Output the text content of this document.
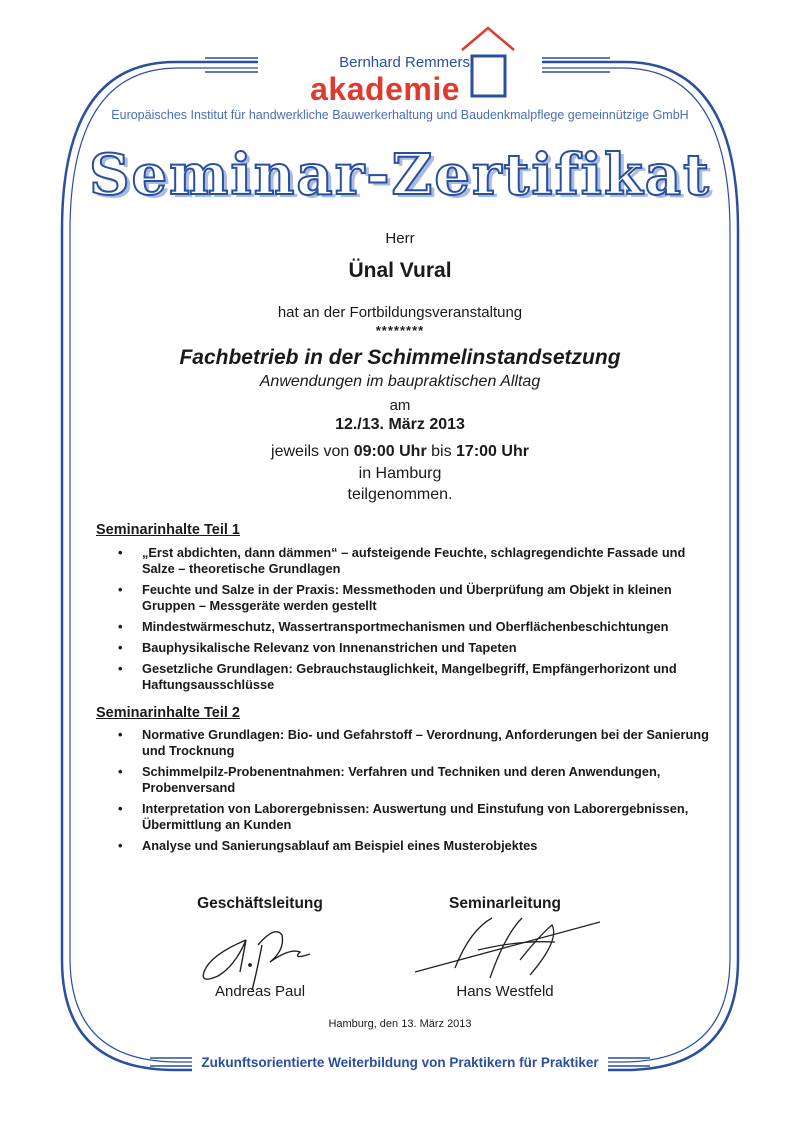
Bernhard Remmers
akademie
Europäisches Institut für handwerkliche Bauwerkerhaltung und Baudenkmalpflege gemeinnützige GmbH
Seminar-Zertifikat
Herr
Ünal Vural
hat an der Fortbildungsveranstaltung
********
Fachbetrieb in der Schimmelinstandsetzung
Anwendungen im baupraktischen Alltag
am
12./13. März 2013
jeweils von 09:00 Uhr bis 17:00 Uhr
in Hamburg
teilgenommen.
Seminarinhalte Teil 1
• „Erst abdichten, dann dämmen“ – aufsteigende Feuchte, schlagregendichte Fassade und Salze – theoretische Grundlagen
• Feuchte und Salze in der Praxis: Messmethoden und Überprüfung am Objekt in kleinen Gruppen – Messgeräte werden gestellt
• Mindestwärmeschutz, Wassertransportmechanismen und Oberflächenbeschichtungen
• Bauphysikalische Relevanz von Innenanstrichen und Tapeten
• Gesetzliche Grundlagen: Gebrauchstauglichkeit, Mangelbegriff, Empfängerhorizont und Haftungsausschlüsse
Seminarinhalte Teil 2
• Normative Grundlagen: Bio- und Gefahrstoff – Verordnung, Anforderungen bei der Sanierung und Trocknung
• Schimmelpilz-Probenentnahmen: Verfahren und Techniken und deren Anwendungen, Probenversand
• Interpretation von Laborergebnissen: Auswertung und Einstufung von Laborergebnissen, Übermittlung an Kunden
• Analyse und Sanierungsablauf am Beispiel eines Musterobjektes
Geschäftsleitung	Seminarleitung
Andreas Paul	Hans Westfeld
Hamburg, den 13. März 2013
Zukunftsorientierte Weiterbildung von Praktikern für Praktiker
